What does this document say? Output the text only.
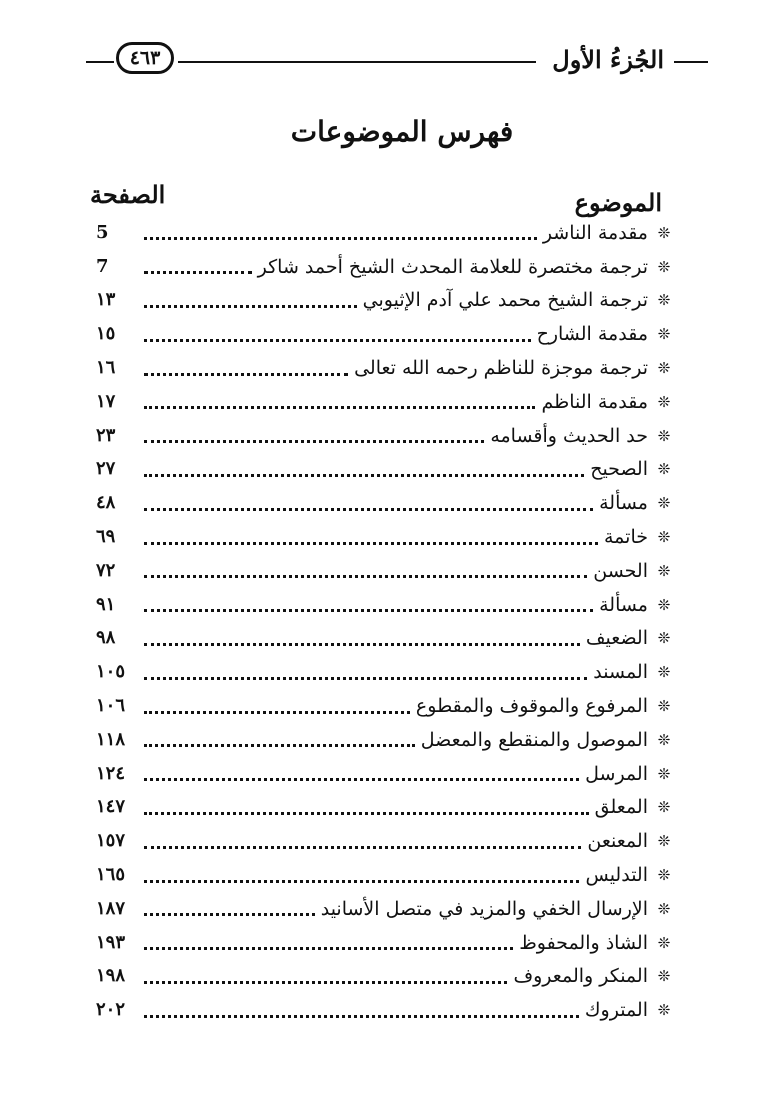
الجُزءُ الأول
٤٦٣
فهرس الموضوعات
الموضوع
الصفحة
❊
مقدمة الناشر
5
❊
ترجمة مختصرة للعلامة المحدث الشيخ أحمد شاكر
7
❊
ترجمة الشيخ محمد علي آدم الإثيوبي
١٣
❊
مقدمة الشارح
١٥
❊
ترجمة موجزة للناظم رحمه الله تعالى
١٦
❊
مقدمة الناظم
١٧
❊
حد الحديث وأقسامه
٢٣
❊
الصحيح
٢٧
❊
مسألة
٤٨
❊
خاتمة
٦٩
❊
الحسن
٧٢
❊
مسألة
٩١
❊
الضعيف
٩٨
❊
المسند
١٠٥
❊
المرفوع والموقوف والمقطوع
١٠٦
❊
الموصول والمنقطع والمعضل
١١٨
❊
المرسل
١٢٤
❊
المعلق
١٤٧
❊
المعنعن
١٥٧
❊
التدليس
١٦٥
❊
الإرسال الخفي والمزيد في متصل الأسانيد
١٨٧
❊
الشاذ والمحفوظ
١٩٣
❊
المنكر والمعروف
١٩٨
❊
المتروك
٢٠٢
